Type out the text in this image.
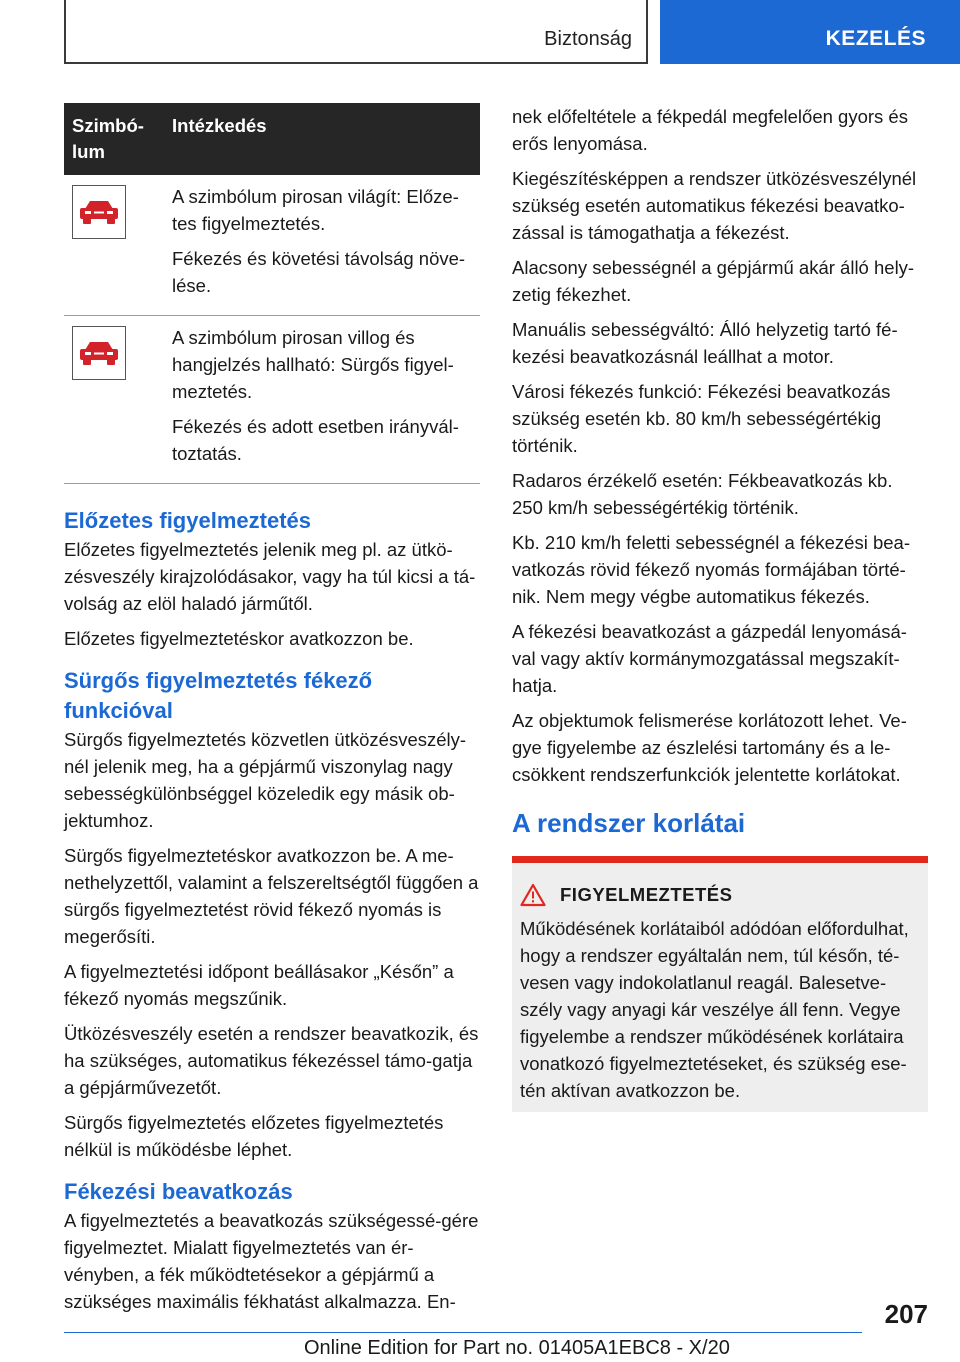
Biztonság	KEZELÉS
Szimbó-lum	Intézkedés

A szimbólum pirosan világít: Előze-tes figyelmeztetés.

Fékezés és követési távolság növe-lése.

A szimbólum pirosan villog és hangjelzés hallható: Sürgős figyel-meztetés.

Fékezés és adott esetben irányvál-toztatás.

Előzetes figyelmeztetés

Előzetes figyelmeztetés jelenik meg pl. az ütkö-zésveszély kirajzolódásakor, vagy ha túl kicsi a tá-volság az elöl haladó járműtől.

Előzetes figyelmeztetéskor avatkozzon be.

Sürgős figyelmeztetés fékező funkcióval

Sürgős figyelmeztetés közvetlen ütközésveszély-nél jelenik meg, ha a gépjármű viszonylag nagy sebességkülönbséggel közeledik egy másik ob-jektumhoz.

Sürgős figyelmeztetéskor avatkozzon be. A me-nethelyzettől, valamint a felszereltségtől függően a sürgős figyelmeztetést rövid fékező nyomás is megerősíti.

A figyelmeztetési időpont beállásakor „Későn” a fékező nyomás megszűnik.

Ütközésveszély esetén a rendszer beavatkozik, és ha szükséges, automatikus fékezéssel támo-gatja a gépjárművezetőt.

Sürgős figyelmeztetés előzetes figyelmeztetés nélkül is működésbe léphet.

Fékezési beavatkozás

A figyelmeztetés a beavatkozás szükségessé-gére figyelmeztet. Mialatt figyelmeztetés van ér-vényben, a fék működtetésekor a gépjármű a szükséges maximális fékhatást alkalmazza. En-

nek előfeltétele a fékpedál megfelelően gyors és erős lenyomása.

Kiegészítésképpen a rendszer ütközésveszélynél szükség esetén automatikus fékezési beavatko-zással is támogathatja a fékezést.

Alacsony sebességnél a gépjármű akár álló hely-zetig fékezhet.

Manuális sebességváltó: Álló helyzetig tartó fé-kezési beavatkozásnál leállhat a motor.

Városi fékezés funkció: Fékezési beavatkozás szükség esetén kb. 80 km/h sebességértékig történik.

Radaros érzékelő esetén: Fékbeavatkozás kb. 250 km/h sebességértékig történik.

Kb. 210 km/h feletti sebességnél a fékezési bea-vatkozás rövid fékező nyomás formájában törté-nik. Nem megy végbe automatikus fékezés.

A fékezési beavatkozást a gázpedál lenyomásá-val vagy aktív kormánymozgatással megszakít-hatja.

Az objektumok felismerése korlátozott lehet. Ve-gye figyelembe az észlelési tartomány és a le-csökkent rendszerfunkciók jelentette korlátokat.

A rendszer korlátai
FIGYELMEZTETÉS

Működésének korlátaiból adódóan előfordulhat, hogy a rendszer egyáltalán nem, túl későn, té-vesen vagy indokolatlanul reagál. Balesetve-szély vagy anyagi kár veszélye áll fenn. Vegye figyelembe a rendszer működésének korlátaira vonatkozó figyelmeztetéseket, és szükség ese-tén aktívan avatkozzon be.

207
Online Edition for Part no. 01405A1EBC8 - X/20
